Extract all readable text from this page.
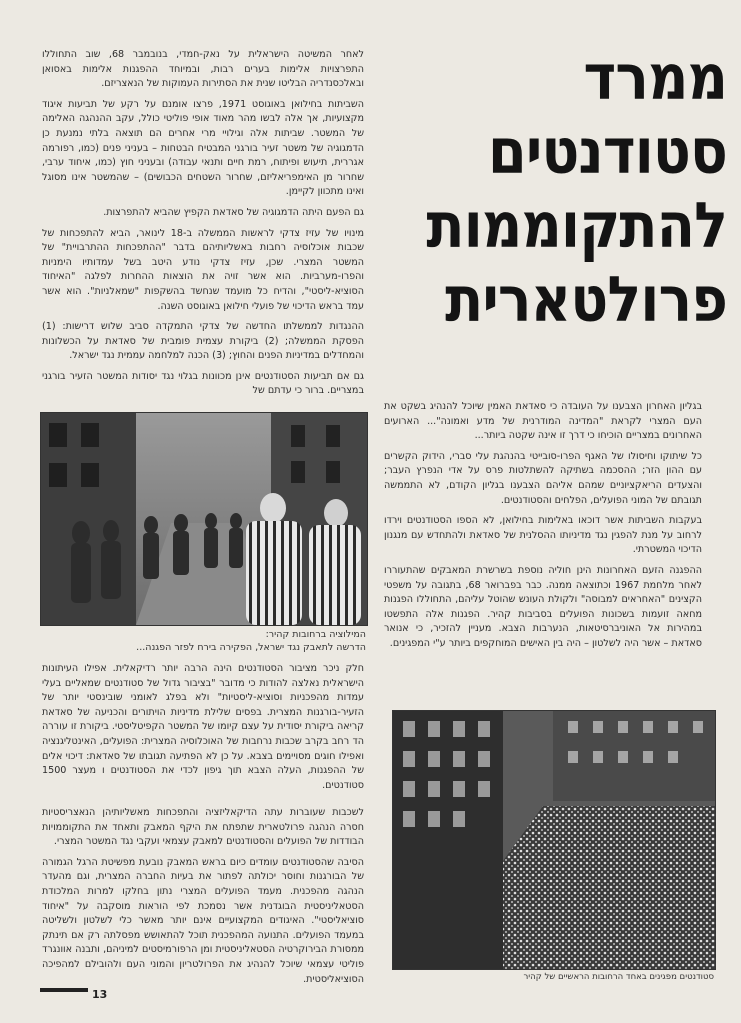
ממרד
סטודנטים
להתקוממות
פרולטארית

לאחר המשיטה הישראלית על נאק-חמדי, בנובמבר 68, שוב התחוללו התפרצויות אלימות בערים רבות, ובמיוחד ההפגנות אלימות באסואן ובאלכסנדריה הבליטו שנית את הסתירות העמוקות של הנאצריזם.

השביתות בחילואן באוגוסט 1971, פרצו אומנם על רקע של תביעות איגוד מקצועיות, אך אלה לבשו מהר מאוד אופי פוליטי כולל, עקב ההנהגה האלימה של המשטר. שביתות אלה וגילויי מרי אחרים הם תוצאה בלתי נמנעת כן הדמגוגיה של משטר זעיר בורגני המבטיח הבטחות – בעניני פנים (כמו, רפורמה אגררית, תיעוש ופיתוח, רמת חיים ותנאי עבודה) ובעניני חוץ (כמו, איחוד ערבי, שחרור מן האימפריאליזם, שחרור השטחים הכבושים) – שהמשטר אינו מסוגל ואינו מתכוון לקיימן.

גם הפעם היתה הדמגוגיה של סאדאת הקפיץ שהביא להתפרצות.

מינויו של עזיז צדקי לראשות הממשלה ב-18 לינואר, הביא להתפכחות של שכבות אוכלוסיה רחבות באשליותיהם בדבר "ההתפכחות ההתרבויית" של המשטר המצרי. שכן, עזיז צדקי נודע היטב בשל עמדותיו הימניות והפרו-מערביות. הוא אשר זויה את הוצאות ההחרות לפלגה "האיחוד הסוציא-ליסטי", והדיח כל מועמד שנחשד בהשקפות "שמאלניות". הוא אשר עמד בראש הדיכוי של פועלי חילואן באוגוסט השנה.

ההנגדות לממשלתו החדשה של צדקי התמקדה סביב שלוש דרישות: (1) הפסקת הממשלה; (2) ביקורת עצמית פומבית של סאדאת על הכשלונות והמחדלים במדיניות הפנים והחוץ; (3) הכנה למלחמה עממית נגד ישראל.

גם אם תביעות הסטודנטים אינן מכוונות בגלוי נגד יסודות המשטר הזעיר בורגני במצריים. ברור כי עדתם של

המילוציה ברחובות קהיר:
הדרשה לתאבק נגד ישראל, הפקירה בירח לפזר הפגנה...

חלק ניכר מציבור הסטודנטים הינה הרבה יותר רדיקאלית. אפילו העיתונות הישראלית נאלצה להודות כי מדובר "בציבור גדול של סטודנטים שמאליים בעלי עמדות מהפכניות וסוציא-ליסטיות" ולא בפלג לאומני שובינסטי יותר של הזעיר-בורגנות המצרית. בפסים שלילת מדיניות הויתורים והכניעה של סאדאת קריאה ביקורת יסודית על עצם קיומו של המשטר הקפיטליסטי. ביקורת זו עוררה הד רחב בקרב שכבות נרחבות של האוכלוסיה המצרית: הפועלים, האינטליגנציה ואפילו חוגים מסויימים בצבא. על כן לא הפתיעה תגובתו של סאדאת: דיכוי אלים של ההפגנות, העלה הצבא תוך גיפון לכדי את הסטודנטים ו מעצר 1500 סטודנטים.

לשכבות שעוברות עתה הדיקאליזציה והתפכחות מאשליותיהן הנאצריסטיות חסרה הנהגה פרולטארית שתפתח את היקף המאבק ותאחד את התקוממויות הבודדות של הפועלים והסטודנטים למאבק עצמאי ועקבי נגד המשטר המצרי.

הסיבה שהסטודנטים עומדים כיום בראש המאבק נובעת מפשיטת הרגל הגמורה של הבורגנות וחוסר יכולתה לפתור את בעיות החברה המצרית, וגם מהעדר הנהגה מהפכנית. מעמד הפועלים המצרי נתון בחלקו למרות המלכודת הסטאליניסטית הבוגדנית אשר נסמכת לפי הוראות מוסקבה על "איחוד סוציאליסטי". האיגודים המקצועיים אינם יותר מאשר כלי לשלטון ולשליטה במעמד הפועלים. התנועה המהפכנית תוכל להתאושש מפסלתה רק אם תינתק ממסורת הבירוקרטיה הסטאליניסטית ומן הרפורמיסטים למיניהם, ותבנה אוונגרד פוליטי עצמאי שיוכל להנהיג את הפרולטריון והמוני העם ולהובילם למהפיכה הסוציאליסטית.

בגליון האחרון הצבענו על העובדה כי סאדאת האמין שיוכל להנהיג בשקט את העם המצרי לקראת "המדינה המודרנית של מדע ואמונה"... הארועים האחרונים במצריים הוכיחו כי דרך זו אינה שקטה ביותר...

כל שיתוקו וחיסולו של האגף הפרו-סובייטי בהנהגת עלי סברי, הידוק הקשרים עם ההון הזר; ההסכמה בשתיקה להשתלטות פרס על אדי הנפרץ העבר; והצעדים הריאקציוניים שמהם אליהם הצבענו בגליון הקודם, לא התממשה תגובתם של המוני הפועלים, הפלחים והסטודנטים.

בעקבות השביתות אשר דוכאו באלימות בחילואן, לא הספו הסטודנטים וירדו לרחוב על מנת להפגין נגד מדיניותו ההסלנית של סאדאת ולהתחדש עם מנגנון הדיכוי המשטרתי.

ההפגנה הזעם האחרונות הינן חוליה נוספת בשרשרת המאבקים שהתעוררו לאחר מלחמת 1967 וכתוצאה ממנה. כבר בפברואר 68, בתגובה על משפטי הקצינים "האחראים למבוסה" ולקולת העונש שהוטל עליהם, התחוללו הפגנות מחאה זועמות בשכונות הפועלים בסביבות קהיר. הפגנות אלה התפשטו במהירות אל האוניברסיטאות, הנערבות הצבא. מעניין להזכיר, כי אנואר סאדאת – אשר היה לשלטון – היה בין האישים המוחקפים ביותר ע"י המפגינים.

סטודנטים מפגינים באחד הרחובות הראשיים של קהיר
13
